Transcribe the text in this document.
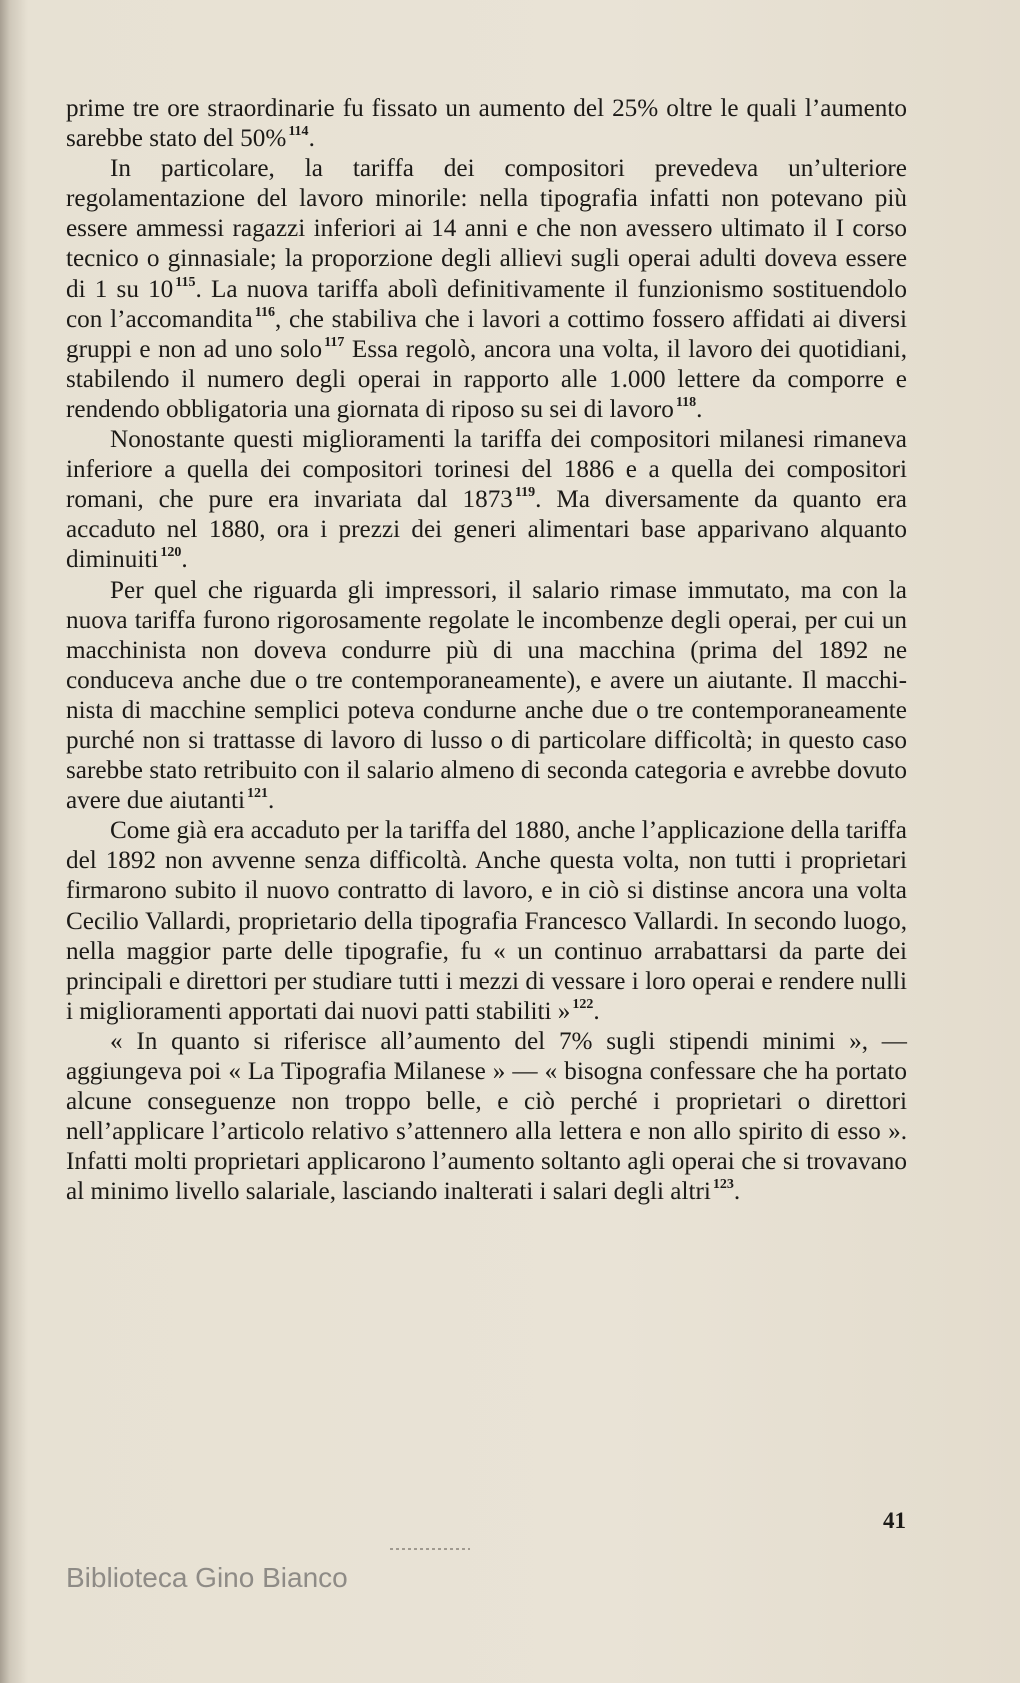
prime tre ore straordinarie fu fissato un aumento del 25% oltre le quali l’aumento sarebbe stato del 50% $^{114}$.

In particolare, la tariffa dei compositori prevedeva un’ulteriore regolamentazione del lavoro minorile: nella tipografia infatti non potevano più essere ammessi ragazzi inferiori ai 14 anni e che non avessero ultimato il I corso tecnico o ginnasiale; la proporzione degli allievi sugli operai adulti doveva essere di 1 su 10 $^{115}$. La nuova tariffa abolì definitivamente il funzionismo sostituendolo con l’accomandita $^{116}$, che stabiliva che i lavori a cottimo fossero affidati ai diversi gruppi e non ad uno solo $^{117}$ Essa regolò, ancora una volta, il lavoro dei quotidiani, stabilendo il numero degli operai in rapporto alle 1.000 lettere da comporre e rendendo obbligatoria una giornata di riposo su sei di lavoro $^{118}$.

Nonostante questi miglioramenti la tariffa dei compositori milanesi rimaneva inferiore a quella dei compositori torinesi del 1886 e a quella dei compositori romani, che pure era invariata dal 1873 $^{119}$. Ma diversamente da quanto era accaduto nel 1880, ora i prezzi dei generi alimentari base apparivano alquanto diminuiti $^{120}$.

Per quel che riguarda gli impressori, il salario rimase immutato, ma con la nuova tariffa furono rigorosamente regolate le incombenze degli operai, per cui un macchinista non doveva condurre più di una macchina (prima del 1892 ne conduceva anche due o tre contemporaneamente), e avere un aiutante. Il macchinista di macchine semplici poteva condurne anche due o tre contemporaneamente purché non si trattasse di lavoro di lusso o di particolare difficoltà; in questo caso sarebbe stato retribuito con il salario almeno di seconda categoria e avrebbe dovuto avere due aiutanti $^{121}$.

Come già era accaduto per la tariffa del 1880, anche l’applicazione della tariffa del 1892 non avvenne senza difficoltà. Anche questa volta, non tutti i proprietari firmarono subito il nuovo contratto di lavoro, e in ciò si distinse ancora una volta Cecilio Vallardi, proprietario della tipografia Francesco Vallardi. In secondo luogo, nella maggior parte delle tipografie, fu « un continuo arrabattarsi da parte dei principali e direttori per studiare tutti i mezzi di vessare i loro operai e rendere nulli i miglioramenti apportati dai nuovi patti stabiliti » $^{122}$.

« In quanto si riferisce all’aumento del 7% sugli stipendi minimi », — aggiungeva poi « La Tipografia Milanese » — « bisogna confessare che ha portato alcune conseguenze non troppo belle, e ciò perché i proprietari o direttori nell’applicare l’articolo relativo s’attennero alla lettera e non allo spirito di esso ». Infatti molti proprietari applicarono l’aumento soltanto agli operai che si trovavano al minimo livello salariale, lasciando inalterati i salari degli altri $^{123}$.

41
Biblioteca Gino Bianco
